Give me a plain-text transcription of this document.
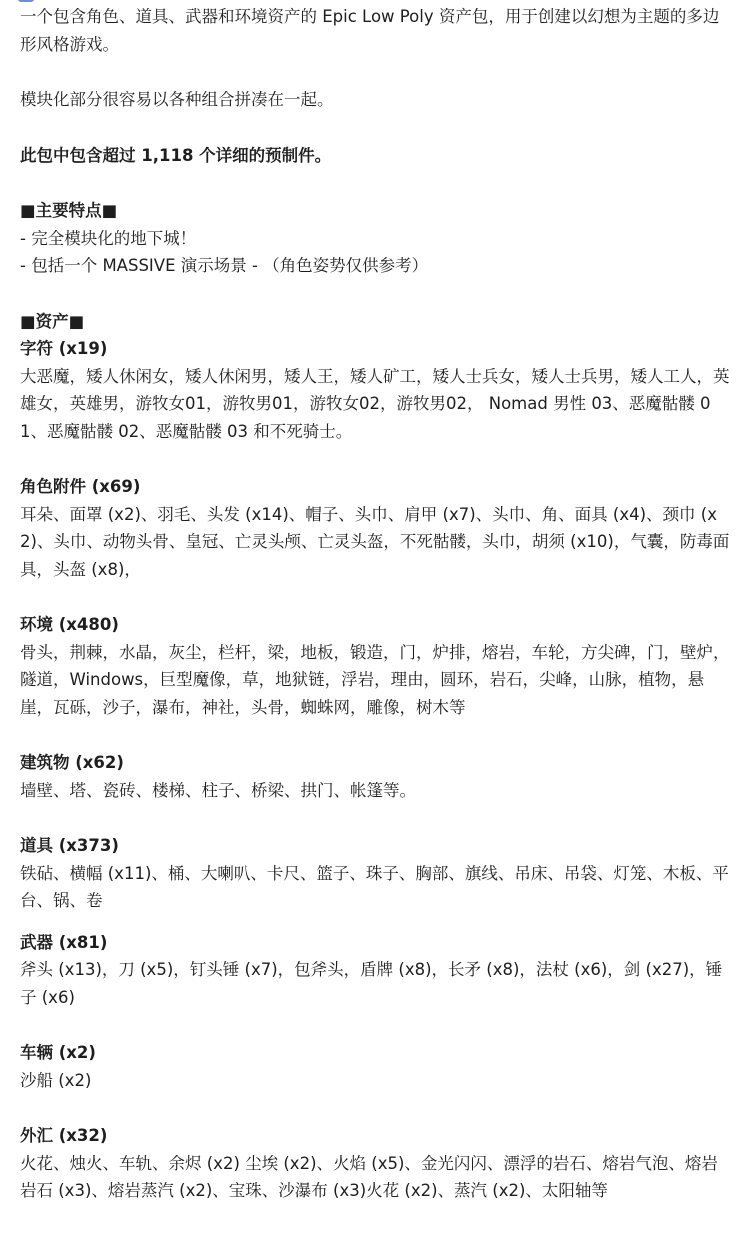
一个包含角色、道具、武器和环境资产的 Epic Low Poly 资产包，用于创建以幻想为主题的多边形风格游戏。

模块化部分很容易以各种组合拼凑在一起。

此包中包含超过 1,118 个详细的预制件。

■主要特点■

- 完全模块化的地下城！

- 包括一个 MASSIVE 演示场景 - （角色姿势仅供参考）

■资产■

字符 (x19)

大恶魔，矮人休闲女，矮人休闲男，矮人王，矮人矿工，矮人士兵女，矮人士兵男，矮人工人，英雄女，英雄男，游牧女01，游牧男01，游牧女02，游牧男02， Nomad 男性 03、恶魔骷髅 01、恶魔骷髅 02、恶魔骷髅 03 和不死骑士。

角色附件 (x69)

耳朵、面罩 (x2)、羽毛、头发 (x14)、帽子、头巾、肩甲 (x7)、头巾、角、面具 (x4)、颈巾 (x2)、头巾、动物头骨、皇冠、亡灵头颅、亡灵头盔，不死骷髅，头巾，胡须 (x10)，气囊，防毒面具，头盔 (x8)，

环境 (x480)

骨头，荆棘，水晶，灰尘，栏杆，梁，地板，锻造，门，炉排，熔岩，车轮，方尖碑，门，壁炉，隧道，Windows，巨型魔像，草，地狱链，浮岩，理由，圆环，岩石，尖峰，山脉，植物，悬崖，瓦砾，沙子，瀑布，神社，头骨，蜘蛛网，雕像，树木等

建筑物 (x62)

墙壁、塔、瓷砖、楼梯、柱子、桥梁、拱门、帐篷等。

道具 (x373)

铁砧、横幅 (x11)、桶、大喇叭、卡尺、篮子、珠子、胸部、旗线、吊床、吊袋、灯笼、木板、平台、锅、卷

武器 (x81)

斧头 (x13)，刀 (x5)，钉头锤 (x7)，包斧头，盾牌 (x8)，长矛 (x8)，法杖 (x6)，剑 (x27)，锤子 (x6)

车辆 (x2)

沙船 (x2)

外汇 (x32)

火花、烛火、车轨、余烬 (x2) 尘埃 (x2)、火焰 (x5)、金光闪闪、漂浮的岩石、熔岩气泡、熔岩岩石 (x3)、熔岩蒸汽 (x2)、宝珠、沙瀑布 (x3)火花 (x2)、蒸汽 (x2)、太阳轴等
